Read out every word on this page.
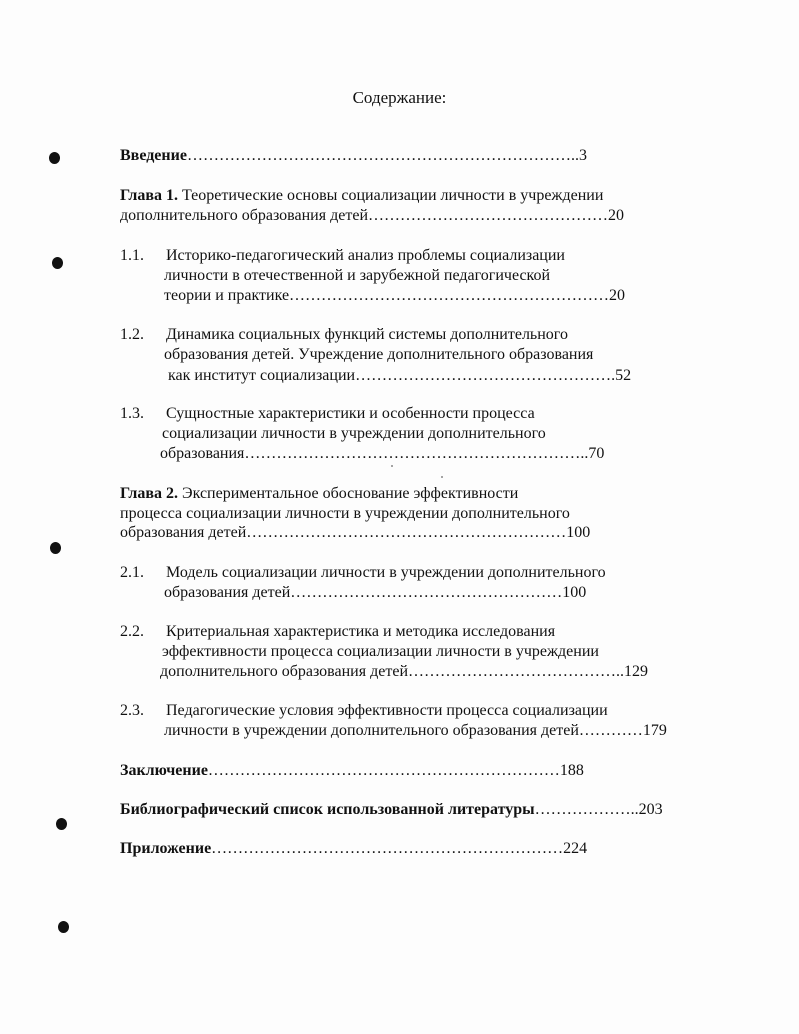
Содержание:
Введение………………………………………………………………..3
Глава 1. Теоретические основы социализации личности в учреждении
дополнительного образования детей………………………………………20
1.1. Историко-педагогический анализ проблемы социализации
личности в отечественной и зарубежной педагогической
теории и практике……………………………………………………20
1.2. Динамика социальных функций системы дополнительного
образования детей. Учреждение дополнительного образования
как институт социализации………………………………………….52
1.3. Сущностные характеристики и особенности процесса
социализации личности в учреждении дополнительного
образования………………………………………………………..70
Глава 2. Экспериментальное обоснование эффективности
процесса социализации личности в учреждении дополнительного
образования детей……………………………………………………100
2.1. Модель социализации личности в учреждении дополнительного
образования детей……………………………………………100
2.2. Критериальная характеристика и методика исследования
эффективности процесса социализации личности в учреждении
дополнительного образования детей…………………………………..129
2.3. Педагогические условия эффективности процесса социализации
личности в учреждении дополнительного образования детей…………179
Заключение…………………………………………………………188
Библиографический список использованной литературы………………..203
Приложение…………………………………………………………224
